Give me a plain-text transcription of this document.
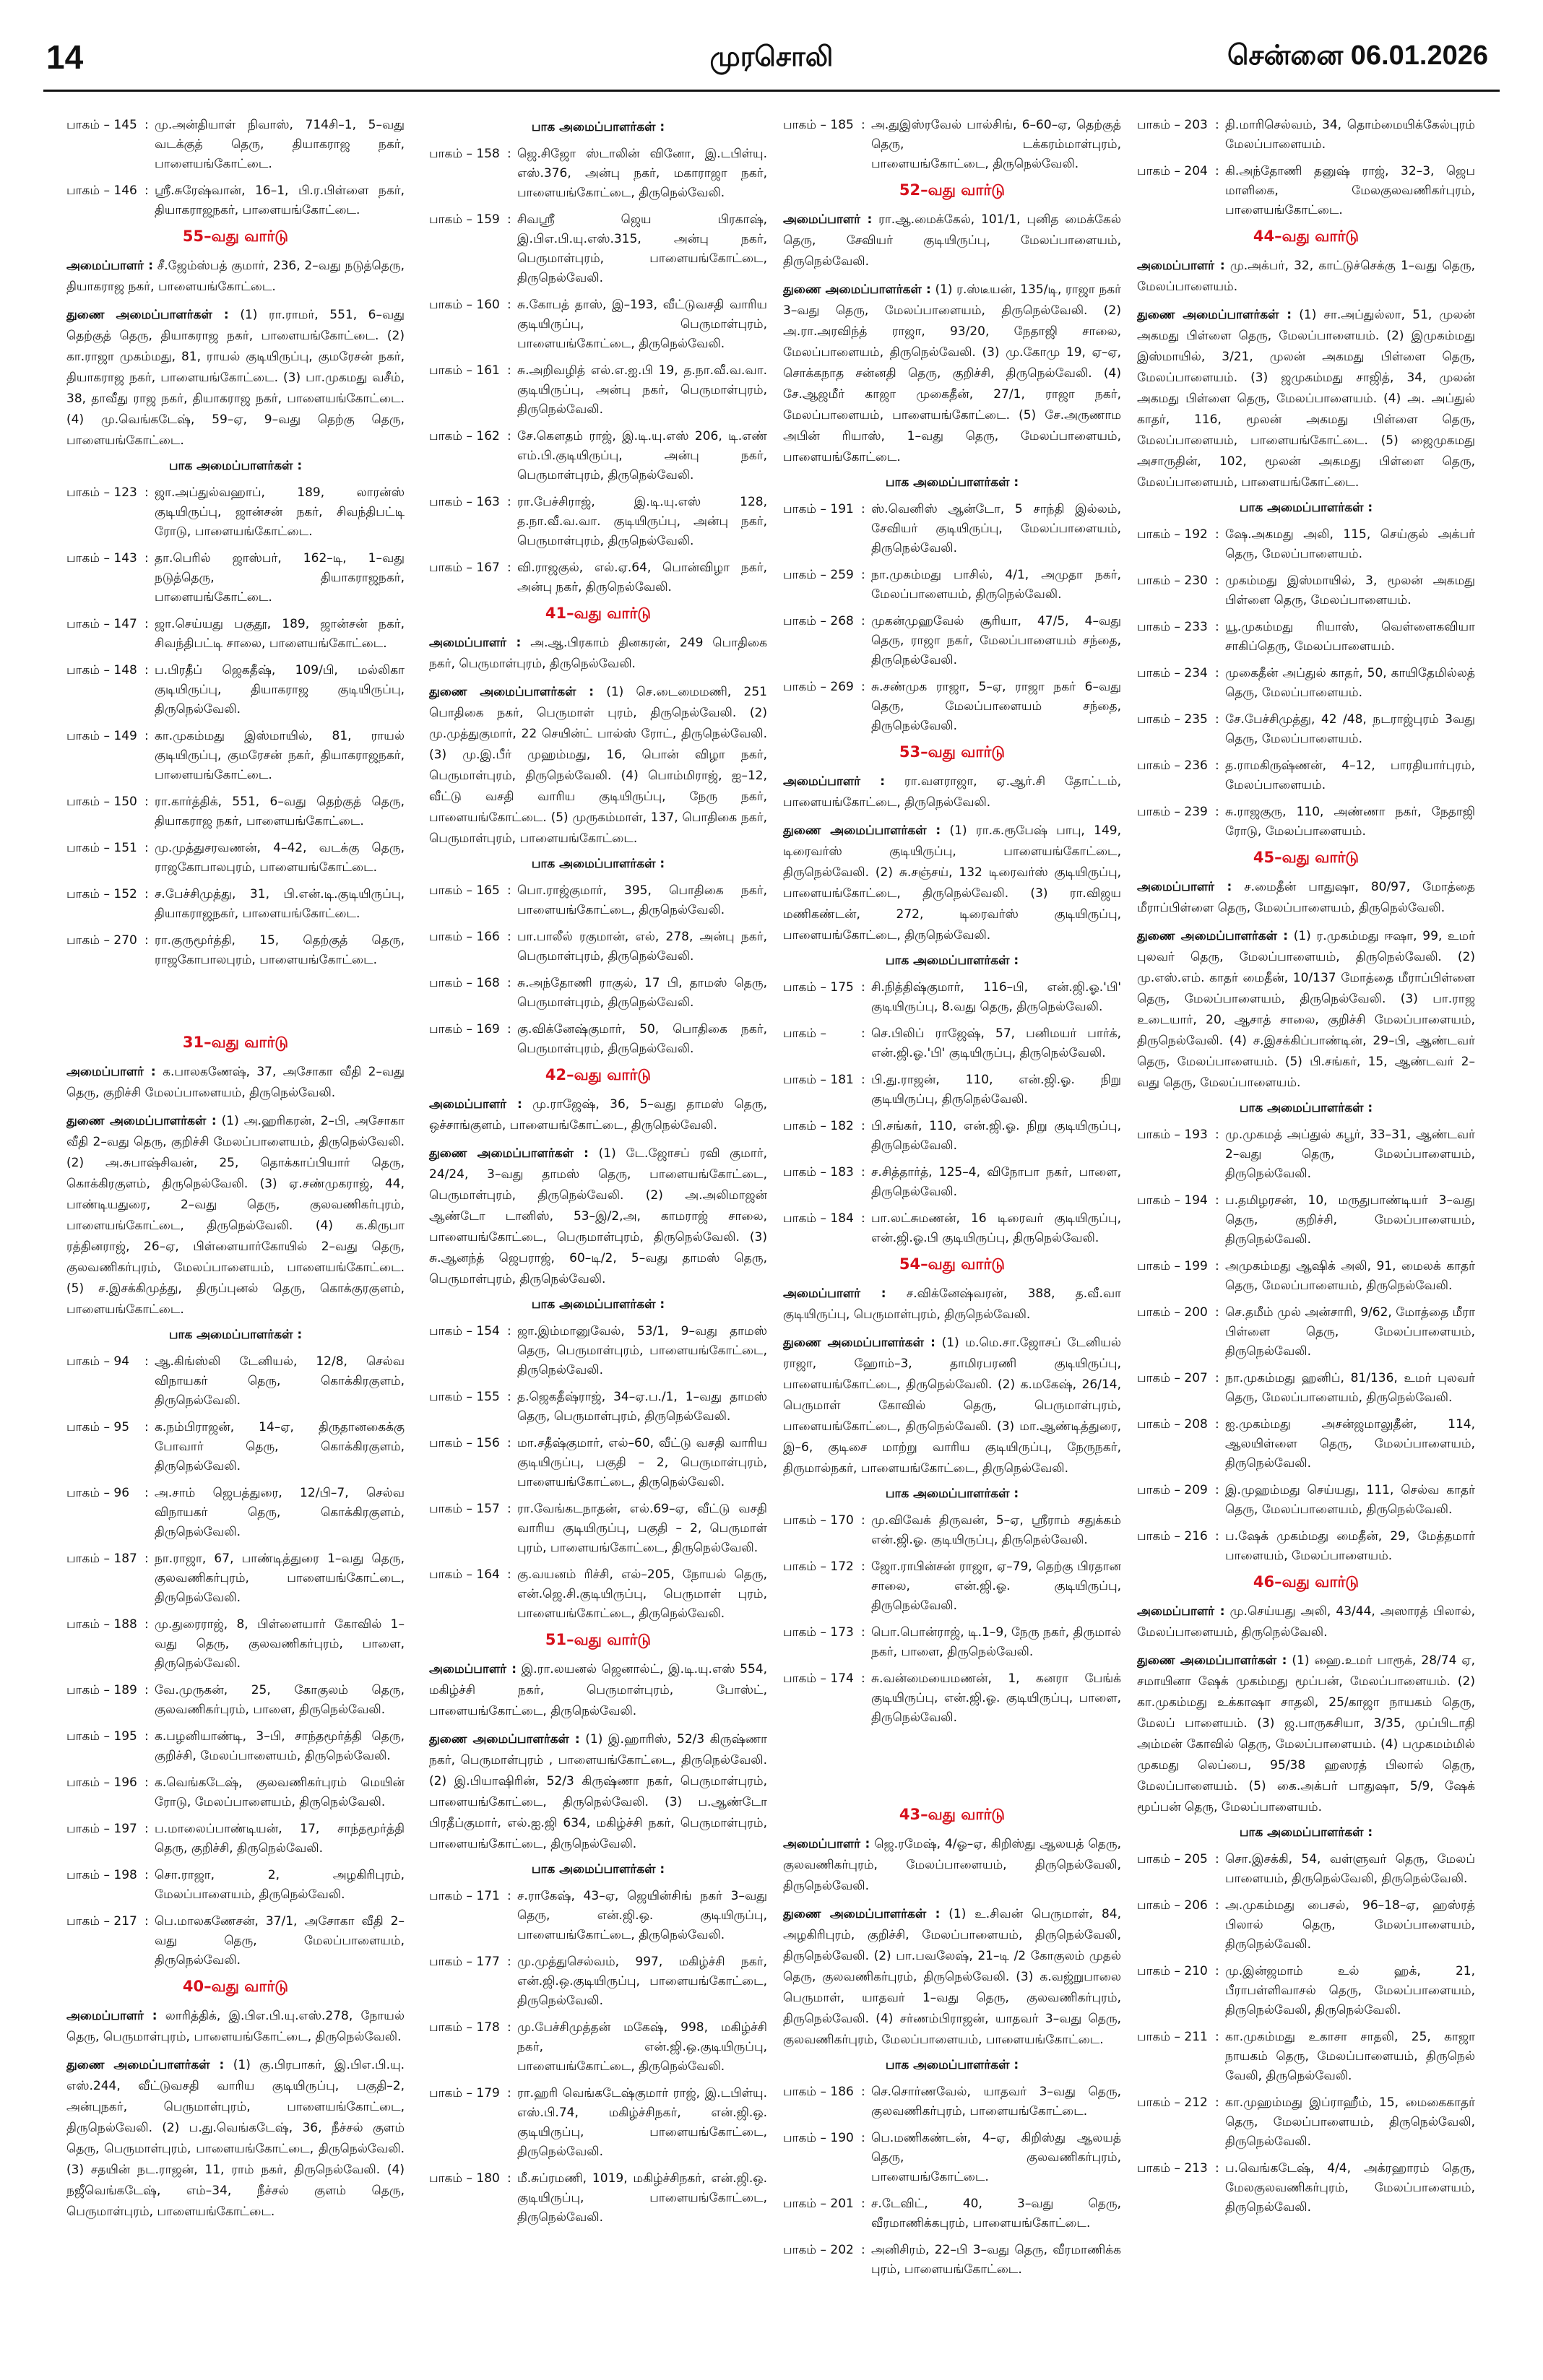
14	முரசொலி	சென்னை 06.01.2026
பாகம் – 145 : மு.அன்தியாள் நிவாஸ், 714சி–1, 5–வது வடக்குத் தெரு, தியாகராஜ நகர், பாளையங்கோட்டை.
பாகம் – 146 : ஸ்ரீ.சுரேஷ்வான், 16–1, பி.ர.பிள்ளை நகர், தியாகராஜநகர், பாளையங்கோட்டை.
55–வது வார்டு
அமைப்பாளர் : சீ.ஜேம்ஸ்பத் குமார், 236, 2–வது நடுத்தெரு, தியாகராஜ நகர், பாளையங்கோட்டை.
துணை அமைப்பாளர்கள் : (1) ரா.ராமர், 551, 6–வது தெற்குத் தெரு, தியாகராஜ நகர், பாளையங்கோட்டை. (2) கா.ராஜா முகம்மது, 81, ராயல் குடியிருப்பு, குமரேசன் நகர், தியாகராஜ நகர், பாளையங்கோட்டை. (3) பா.முகமது வசீம், 38, தாவீது ராஜ நகர், தியாகராஜ நகர், பாளையங்கோட்டை. (4) மு.வெங்கடேஷ், 59–ஏ, 9–வது தெற்கு தெரு, பாளையங்கோட்டை.
பாக அமைப்பாளர்கள் :
பாகம் – 123 : ஜா.அப்துல்வஹாப், 189, லாரன்ஸ் குடியிருப்பு, ஜான்சன் நகர், சிவந்திபட்டி ரோடு, பாளையங்கோட்டை.
பாகம் – 143 : தா.பெரில் ஜாஸ்பர், 162–டி, 1–வது நடுத்தெரு, தியாகராஜநகர், பாளையங்கோட்டை.
பாகம் – 147 : ஜா.செய்யது பகுதூ, 189, ஜான்சன் நகர், சிவந்திபட்டி சாலை, பாளையங்கோட்டை.
பாகம் – 148 : ப.பிரதீப் ஜெகதீஷ், 109/பி, மல்லிகா குடியிருப்பு, தியாகராஜ குடியிருப்பு, திருநெல்வேலி.
பாகம் – 149 : கா.முகம்மது இஸ்மாயில், 81, ராயல் குடியிருப்பு, குமரேசன் நகர், தியாகராஜநகர், பாளையங்கோட்டை.
பாகம் – 150 : ரா.கார்த்திக், 551, 6–வது தெற்குத் தெரு, தியாகராஜ நகர், பாளையங்கோட்டை.
பாகம் – 151 : மு.முத்துசரவணன், 4–42, வடக்கு தெரு, ராஜகோபாலபுரம், பாளையங்கோட்டை.
பாகம் – 152 : ச.பேச்சிமுத்து, 31, பி.என்.டி.குடியிருப்பு, தியாகராஜநகர், பாளையங்கோட்டை.
பாகம் – 270 : ரா.குருமூர்த்தி, 15, தெற்குத் தெரு, ராஜகோபாலபுரம், பாளையங்கோட்டை.
31–வது வார்டு
அமைப்பாளர் : க.பாலகணேஷ், 37, அசோகா வீதி 2–வது தெரு, குறிச்சி மேலப்பாளையம், திருநெல்வேலி.
துணை அமைப்பாளர்கள் : (1) அ.ஹரிகரன், 2–பி, அசோகா வீதி 2–வது தெரு, குறிச்சி மேலப்பாளையம், திருநெல்வேலி. (2) அ.சுபாஷ்சிவன், 25, தொக்காப்பியார் தெரு, கொக்கிரகுளம், திருநெல்வேலி. (3) ஏ.சண்முகராஜ், 44, பாண்டியதுரை, 2–வது தெரு, குலவணிகர்புரம், பாளையங்கோட்டை, திருநெல்வேலி. (4) க.கிருபா ரத்தினராஜ், 26–ஏ, பிள்ளையார்கோயில் 2–வது தெரு, குலவணிகர்புரம், மேலப்பாளையம், பாளையங்கோட்டை. (5) ச.இசக்கிமுத்து, திருப்புனல் தெரு, கொக்குரகுளம், பாளையங்கோட்டை.
பாக அமைப்பாளர்கள் :
பாகம் – 94	: ஆ.கிங்ஸ்லி டேனியல், 12/8, செல்வ விநாயகர் தெரு, கொக்கிரகுளம், திருநெல்வேலி.
பாகம் – 95	: க.நம்பிராஜன், 14–ஏ, திருதானகைக்கு போவார் தெரு, கொக்கிரகுளம், திருநெல்வேலி.
பாகம் – 96	: அ.சாம் ஜெபத்துரை, 12/பி–7, செல்வ விநாயகர் தெரு, கொக்கிரகுளம், திருநெல்வேலி.
பாகம் – 187 : நா.ராஜா, 67, பாண்டித்துரை 1–வது தெரு, குலவணிகர்புரம், பாளையங்கோட்டை, திருநெல்வேலி.
பாகம் – 188 : மு.துரைராஜ், 8, பிள்ளையார் கோவில் 1–வது தெரு, குலவணிகர்புரம், பாளை, திருநெல்வேலி.
பாகம் – 189 : வே.முருகன், 25, கோகுலம் தெரு, குலவணிகர்புரம், பாளை, திருநெல்வேலி.
பாகம் – 195 : க.பழனியாண்டி, 3–பி, சாந்தமூர்த்தி தெரு, குறிச்சி, மேலப்பாளையம், திருநெல்வேலி.
பாகம் – 196 : க.வெங்கடேஷ், குலவணிகர்புரம் மெயின் ரோடு, மேலப்பாளையம், திருநெல்வேலி.
பாகம் – 197 : ப.மாலைப்பாண்டியன், 17, சாந்தமூர்த்தி தெரு, குறிச்சி, திருநெல்வேலி.
பாகம் – 198 : சொ.ராஜா, 2, அழகிரிபுரம், மேலப்பாளையம், திருநெல்வேலி.
பாகம் – 217 : பெ.மாலகணேசன், 37/1, அசோகா வீதி 2–வது தெரு, மேலப்பாளையம், திருநெல்வேலி.
40–வது வார்டு
அமைப்பாளர் : லாரித்திக், இ.பிஎ.பி.யு.எஸ்.278, நோயல் தெரு, பெருமாள்புரம், பாளையங்கோட்டை, திருநெல்வேலி.
துணை அமைப்பாளர்கள் : (1) கு.பிரபாகர், இ.பிஎ.பி.யு. எஸ்.244, வீட்டுவசதி வாரிய குடியிருப்பு, பகுதி–2, அன்புநகர், பெருமாள்புரம், பாளையங்கோட்டை, திருநெல்வேலி. (2) ப.து.வெங்கடேஷ், 36, நீச்சல் குளம் தெரு, பெருமாள்புரம், பாளையங்கோட்டை, திருநெல்வேலி. (3) சதயின் நட.ராஜன், 11, ராம் நகர், திருநெல்வேலி. (4) நஜீவெங்கடேஷ், எம்–34, நீச்சல் குளம் தெரு, பெருமாள்புரம், பாளையங்கோட்டை.
பாக அமைப்பாளர்கள் :
பாகம் – 158 : ஜெ.சிஜோ ஸ்டாலின் வினோ, இ.டபிள்யு. எஸ்.376, அன்பு நகர், மகாராஜா நகர், பாளையங்கோட்டை, திருநெல்வேலி.
பாகம் – 159 : சிவஸ்ரீ ஜெய பிரகாஷ், இ.பிஎ.பி.யு.எஸ்.315, அன்பு நகர், பெருமாள்புரம், பாளையங்கோட்டை, திருநெல்வேலி.
பாகம் – 160 : சு.கோபத் தாஸ், இ–193, வீட்டுவசதி வாரிய குடியிருப்பு, பெருமாள்புரம், பாளையங்கோட்டை, திருநெல்வேலி.
பாகம் – 161 : சு.அறிவழித் எல்.எ.ஐ.பி 19, த.நா.வீ.வ.வா. குடியிருப்பு, அன்பு நகர், பெருமாள்புரம், திருநெல்வேலி.
பாகம் – 162 : சே.கௌதம் ராஜ், இ.டி.யு.எஸ் 206, டி.எண் எம்.பி.குடியிருப்பு, அன்பு நகர், பெருமாள்புரம், திருநெல்வேலி.
பாகம் – 163 : ரா.பேச்சிராஜ், இ.டி.யு.எஸ் 128, த.நா.வீ.வ.வா. குடியிருப்பு, அன்பு நகர், பெருமாள்புரம், திருநெல்வேலி.
பாகம் – 167 : வி.ராஜகுல், எல்.ஏ.64, பொன்விழா நகர், அன்பு நகர், திருநெல்வேலி.
41–வது வார்டு
அமைப்பாளர் : அ.ஆ.பிரகாம் தினகரன், 249 பொதிகை நகர், பெருமாள்புரம், திருநெல்வேலி.
துணை அமைப்பாளர்கள் : (1) செ.டைமைமணி, 251 பொதிகை நகர், பெருமாள் புரம், திருநெல்வேலி. (2) மு.முத்துகுமார், 22 செயின்ட் பால்ஸ் ரோட், திருநெல்வேலி. (3) மு.இ.பீர் முஹம்மது, 16, பொன் விழா நகர், பெருமாள்புரம், திருநெல்வேலி. (4) பொம்மிராஜ், ஐ–12, வீட்டு வசதி வாரிய குடியிருப்பு, நேரு நகர், பாளையங்கோட்டை. (5) முருகம்மாள், 137, பொதிகை நகர், பெருமாள்புரம், பாளையங்கோட்டை.
பாக அமைப்பாளர்கள் :
பாகம் – 165 : பொ.ராஜ்குமார், 395, பொதிகை நகர், பாளையங்கோட்டை, திருநெல்வேலி.
பாகம் – 166 : பா.பாலீல் ரகுமான், எல், 278, அன்பு நகர், பெருமாள்புரம், திருநெல்வேலி.
பாகம் – 168 : சு.அந்தோணி ராகுல், 17 பி, தாமஸ் தெரு, பெருமாள்புரம், திருநெல்வேலி.
பாகம் – 169 : கு.விக்னேஷ்குமார், 50, பொதிகை நகர், பெருமாள்புரம், திருநெல்வேலி.
42–வது வார்டு
அமைப்பாளர் : மு.ராஜேஷ், 36, 5–வது தாமஸ் தெரு, ஒச்சாங்குளம், பாளையங்கோட்டை, திருநெல்வேலி.
துணை அமைப்பாளர்கள் : (1) டே.ஜோசப் ரவி குமார், 24/24, 3–வது தாமஸ் தெரு, பாளையங்கோட்டை, பெருமாள்புரம், திருநெல்வேலி. (2) அ.அலிமாஜன் ஆண்டோ டானிஸ், 53–இ/2,அ, காமராஜ் சாலை, பாளையங்கோட்டை, பெருமாள்புரம், திருநெல்வேலி. (3) சு.ஆனந்த் ஜெபராஜ், 60–டி/2, 5–வது தாமஸ் தெரு, பெருமாள்புரம், திருநெல்வேலி.
பாக அமைப்பாளர்கள் :
பாகம் – 154 : ஜா.இம்மானுவேல், 53/1, 9–வது தாமஸ் தெரு, பெருமாள்புரம், பாளையங்கோட்டை, திருநெல்வேலி.
பாகம் – 155 : த.ஜெகதீஷ்ராஜ், 34–ஏ.ப./1, 1–வது தாமஸ் தெரு, பெருமாள்புரம், திருநெல்வேலி.
பாகம் – 156 : மா.சதீஷ்குமார், எல்–60, வீட்டு வசதி வாரிய குடியிருப்பு, பகுதி – 2, பெருமாள்புரம், பாளையங்கோட்டை, திருநெல்வேலி.
பாகம் – 157 : ரா.வேங்கடநாதன், எல்.69–ஏ, வீட்டு வசதி வாரிய குடியிருப்பு, பகுதி – 2, பெருமாள் புரம், பாளையங்கோட்டை, திருநெல்வேலி.
பாகம் – 164 : கு.வயனம் ரிச்சி, எல்–205, நோயல் தெரு, என்.ஜெ.சி.குடியிருப்பு, பெருமாள் புரம், பாளையங்கோட்டை, திருநெல்வேலி.
51–வது வார்டு
அமைப்பாளர் : இ.ரா.லயனல் ஜெனால்ட், இ.டி.யு.எஸ் 554, மகிழ்ச்சி நகர், பெருமாள்புரம், போஸ்ட், பாளையங்கோட்டை, திருநெல்வேலி.
துணை அமைப்பாளர்கள் : (1) இ.ஹாரிஸ், 52/3 கிருஷ்ணா நகர், பெருமாள்புரம் , பாளையங்கோட்டை, திருநெல்வேலி. (2) இ.பியாஷிரின், 52/3 கிருஷ்ணா நகர், பெருமாள்புரம், பாளையங்கோட்டை, திருநெல்வேலி. (3) ப.ஆண்டோ பிரதீப்குமார், எல்.ஐ.ஜி 634, மகிழ்ச்சி நகர், பெருமாள்புரம், பாளையங்கோட்டை, திருநெல்வேலி.
பாக அமைப்பாளர்கள் :
பாகம் – 171 : ச.ராகேஷ், 43–ஏ, ஜெயின்சிங் நகர் 3–வது தெரு, என்.ஜி.ஒ. குடியிருப்பு, பாளையங்கோட்டை, திருநெல்வேலி.
பாகம் – 177 : மு.முத்துசெல்வம், 997, மகிழ்ச்சி நகர், என்.ஜி.ஒ.குடியிருப்பு, பாளையங்கோட்டை, திருநெல்வேலி.
பாகம் – 178 : மு.பேச்சிமுத்தன் மகேஷ், 998, மகிழ்ச்சி நகர், என்.ஜி.ஒ.குடியிருப்பு, பாளையங்கோட்டை, திருநெல்வேலி.
பாகம் – 179 : ரா.ஹரி வெங்கடேஷ்குமார் ராஜ், இ.டபிள்யு. எஸ்.பி.74, மகிழ்ச்சிநகர், என்.ஜி.ஒ. குடியிருப்பு, பாளையங்கோட்டை, திருநெல்வேலி.
பாகம் – 180 : மீ.சுப்ரமணி, 1019, மகிழ்ச்சிநகர், என்.ஜி.ஒ. குடியிருப்பு, பாளையங்கோட்டை, திருநெல்வேலி.
பாகம் – 185 : அ.துஇஸ்ரவேல் பால்சிங், 6–60–ஏ, தெற்குத் தெரு, டக்கரம்மாள்புரம், பாளையங்கோட்டை, திருநெல்வேலி.
52–வது வார்டு
அமைப்பாளர் : ரா.ஆ.மைக்கேல், 101/1, புனித மைக்கேல் தெரு, சேவியர் குடியிருப்பு, மேலப்பாளையம், திருநெல்வேலி.
துணை அமைப்பாளர்கள் : (1) ர.ஸ்டீயன், 135/டி, ராஜா நகர் 3–வது தெரு, மேலப்பாளையம், திருநெல்வேலி. (2) அ.ரா.அரவிந்த் ராஜா, 93/20, நேதாஜி சாலை, மேலப்பாளையம், திருநெல்வேலி. (3) மு.கோமு 19, ஏ–ஏ, சொக்கநாத சன்னதி தெரு, குறிச்சி, திருநெல்வேலி. (4) சே.ஆஜமீர் காஜா முகைதீன், 27/1, ராஜா நகர், மேலப்பாளையம், பாளையங்கோட்டை. (5) சே.அருணாம அபின் ரியாஸ், 1–வது தெரு, மேலப்பாளையம், பாளையங்கோட்டை.
பாக அமைப்பாளர்கள் :
பாகம் – 191 : ஸ்.வெனிஸ் ஆன்டோ, 5 சாந்தி இல்லம், சேவியர் குடியிருப்பு, மேலப்பாளையம், திருநெல்வேலி.
பாகம் – 259 : நா.முகம்மது பாசில், 4/1, அமுதா நகர், மேலப்பாளையம், திருநெல்வேலி.
பாகம் – 268 : முகன்முஹவேல் சூரியா, 47/5, 4–வது தெரு, ராஜா நகர், மேலப்பாளையம் சந்தை, திருநெல்வேலி.
பாகம் – 269 : சு.சண்முக ராஜா, 5–ஏ, ராஜா நகர் 6–வது தெரு, மேலப்பாளையம் சந்தை, திருநெல்வேலி.
53–வது வார்டு
அமைப்பாளர் : ரா.வளராஜா, ஏ.ஆர்.சி தோட்டம், பாளையங்கோட்டை, திருநெல்வேலி.
துணை அமைப்பாளர்கள் : (1) ரா.க.ரூபேஷ் பாபு, 149, டிரைவர்ஸ் குடியிருப்பு, பாளையங்கோட்டை, திருநெல்வேலி. (2) சு.சஞ்சய், 132 டிரைவர்ஸ் குடியிருப்பு, பாளையங்கோட்டை, திருநெல்வேலி. (3) ரா.விஜய மணிகண்டன், 272, டிரைவர்ஸ் குடியிருப்பு, பாளையங்கோட்டை, திருநெல்வேலி.
பாக அமைப்பாளர்கள் :
பாகம் – 175 : சி.நித்திஷ்குமார், 116–பி, என்.ஜி.ஓ.'பி' குடியிருப்பு, 8.வது தெரு, திருநெல்வேலி.
பாகம் –	: செ.பிலிப் ராஜேஷ், 57, பனிமயர் பார்க், என்.ஜி.ஓ.'பி' குடியிருப்பு, திருநெல்வேலி.
பாகம் – 181 : பி.து.ராஜன், 110, என்.ஜி.ஓ. நிறு குடியிருப்பு, திருநெல்வேலி.
பாகம் – 182 : பி.சங்கர், 110, என்.ஜி.ஓ. நிறு குடியிருப்பு, திருநெல்வேலி.
பாகம் – 183 : ச.சித்தார்த், 125–4, விநோபா நகர், பாளை, திருநெல்வேலி.
பாகம் – 184 : பா.லட்சுமணன், 16 டிரைவர் குடியிருப்பு, என்.ஜி.ஓ.பி குடியிருப்பு, திருநெல்வேலி.
54–வது வார்டு
அமைப்பாளர் : ச.விக்னேஷ்வரன், 388, த.வீ.வா குடியிருப்பு, பெருமாள்புரம், திருநெல்வேலி.
துணை அமைப்பாளர்கள் : (1) ம.மெ.சா.ஜோசப் டேனியல் ராஜா, ஹோம்–3, தாமிரபரணி குடியிருப்பு, பாளையங்கோட்டை, திருநெல்வேலி. (2) க.மகேஷ், 26/14, பெருமாள் கோவில் தெரு, பெருமாள்புரம், பாளையங்கோட்டை, திருநெல்வேலி. (3) மா.ஆண்டித்துரை, இ–6, குடிசை மாற்று வாரிய குடியிருப்பு, நேருநகர், திருமால்நகர், பாளையங்கோட்டை, திருநெல்வேலி.
பாக அமைப்பாளர்கள் :
பாகம் – 170 : மு.விவேக் திருவன், 5–ஏ, ஸ்ரீராம் சதுக்கம் என்.ஜி.ஓ. குடியிருப்பு, திருநெல்வேலி.
பாகம் – 172 : ஜோ.ராபின்சன் ராஜா, ஏ–79, தெற்கு பிரதான சாலை, என்.ஜி.ஓ. குடியிருப்பு, திருநெல்வேலி.
பாகம் – 173 : பொ.பொன்ராஜ், டி.1–9, நேரு நகர், திருமால் நகர், பாளை, திருநெல்வேலி.
பாகம் – 174 : சு.வன்மையைமணன், 1, கனரா பேங்க் குடியிருப்பு, என்.ஜி.ஓ. குடியிருப்பு, பாளை, திருநெல்வேலி.
43–வது வார்டு
அமைப்பாளர் : ஜெ.ரமேஷ், 4/ஓ–ஏ, கிறிஸ்து ஆலயத் தெரு, குலவணிகர்புரம், மேலப்பாளையம், திருநெல்வேலி, திருநெல்வேலி.
துணை அமைப்பாளர்கள் : (1) உ.சிவன் பெருமாள், 84, அழகிரிபுரம், குறிச்சி, மேலப்பாளையம், திருநெல்வேலி, திருநெல்வேலி. (2) பா.பவலேஷ், 21–டி /2 கோகுலம் முதல் தெரு, குலவணிகர்புரம், திருநெல்வேலி. (3) க.வஜ்றுபாலை பெருமாள், யாதவர் 1–வது தெரு, குலவணிகர்புரம், திருநெல்வேலி. (4) சர்ணம்பிராஜன், யாதவர் 3–வது தெரு, குலவணிகர்புரம், மேலப்பாளையம், பாளையங்கோட்டை.
பாக அமைப்பாளர்கள் :
பாகம் – 186 : செ.சொர்ணவேல், யாதவர் 3–வது தெரு, குலவணிகர்புரம், பாளையங்கோட்டை.
பாகம் – 190 : பெ.மணிகண்டன், 4–ஏ, கிறிஸ்து ஆலயத் தெரு, குலவணிகர்புரம், பாளையங்கோட்டை.
பாகம் – 201 : ச.டேவிட், 40, 3–வது தெரு, வீரமாணிக்கபுரம், பாளையங்கோட்டை.
பாகம் – 202 : அனிசிரம், 22–பி 3–வது தெரு, வீரமாணிக்க புரம், பாளையங்கோட்டை.
பாகம் – 203 : தி.மாரிசெல்வம், 34, தொம்மையிக்கேல்புரம் மேலப்பாளையம்.
பாகம் – 204 : கி.அந்தோணி தனுஷ் ராஜ், 32–3, ஜெப மாளிகை, மேலகுலவணிகர்புரம், பாளையங்கோட்டை.
44–வது வார்டு
அமைப்பாளர் : மு.அக்பர், 32, காட்டுச்செக்கு 1–வது தெரு, மேலப்பாளையம்.
துணை அமைப்பாளர்கள் : (1) சா.அப்துல்லா, 51, முலன் அகமது பிள்ளை தெரு, மேலப்பாளையம். (2) இமுகம்மது இஸ்மாயில், 3/21, முலன் அகமது பிள்ளை தெரு, மேலப்பாளையம். (3) ஜமுகம்மது சாஜித், 34, முலன் அகமது பிள்ளை தெரு, மேலப்பாளையம். (4) அ. அப்துல் காதர், 116, மூலன் அகமது பிள்ளை தெரு, மேலப்பாளையம், பாளையங்கோட்டை. (5) ஜைமுகமது அசாருதின், 102, மூலன் அகமது பிள்ளை தெரு, மேலப்பாளையம், பாளையங்கோட்டை.
பாக அமைப்பாளர்கள் :
பாகம் – 192 : ஷே.அகமது அலி, 115, செய்குல் அக்பர் தெரு, மேலப்பாளையம்.
பாகம் – 230 : முகம்மது இஸ்மாயில், 3, மூலன் அகமது பிள்ளை தெரு, மேலப்பாளையம்.
பாகம் – 233 : யூ.முகம்மது ரியாஸ், வெள்ளைகவியா சாகிப்தெரு, மேலப்பாளையம்.
பாகம் – 234 : முகைதீன் அப்துல் காதர், 50, காயிதேமில்லத் தெரு, மேலப்பாளையம்.
பாகம் – 235 : சே.பேச்சிமுத்து, 42 /48, நடராஜ்புரம் 3வது தெரு, மேலப்பாளையம்.
பாகம் – 236 : த.ராமகிருஷ்ணன், 4–12, பாரதியார்புரம், மேலப்பாளையம்.
பாகம் – 239 : சு.ராஜகுரு, 110, அண்ணா நகர், நேதாஜி ரோடு, மேலப்பாளையம்.
45–வது வார்டு
அமைப்பாளர் : ச.மைதீன் பாதுஷா, 80/97, மோத்தை மீராப்பிள்ளை தெரு, மேலப்பாளையம், திருநெல்வேலி.
துணை அமைப்பாளர்கள் : (1) ர.முகம்மது ஈஷா, 99, உமர் புலவர் தெரு, மேலப்பாளையம், திருநெல்வேலி. (2) மு.எஸ்.எம். காதர் மைதீன், 10/137 மோத்தை மீராப்பிள்ளை தெரு, மேலப்பாளையம், திருநெல்வேலி. (3) பா.ராஜ உடையார், 20, ஆசாத் சாலை, குறிச்சி மேலப்பாளையம், திருநெல்வேலி. (4) ச.இசக்கிப்பாண்டின், 29–பி, ஆண்டவர் தெரு, மேலப்பாளையம். (5) பி.சங்கர், 15, ஆண்டவர் 2–வது தெரு, மேலப்பாளையம்.
பாக அமைப்பாளர்கள் :
பாகம் – 193 : மு.முகமத் அப்துல் கபூர், 33–31, ஆண்டவர் 2–வது தெரு, மேலப்பாளையம், திருநெல்வேலி.
பாகம் – 194 : ப.தமிழரசன், 10, மருதுபாண்டியர் 3–வது தெரு, குறிச்சி, மேலப்பாளையம், திருநெல்வேலி.
பாகம் – 199 : அமுகம்மது ஆஷிக் அலி, 91, மைலக் காதர் தெரு, மேலப்பாளையம், திருநெல்வேலி.
பாகம் – 200 : செ.தமீம் முல் அன்சாரி, 9/62, மோத்தை மீரா பிள்ளை தெரு, மேலப்பாளையம், திருநெல்வேலி.
பாகம் – 207 : நா.முகம்மது ஹனிப், 81/136, உமர் புலவர் தெரு, மேலப்பாளையம், திருநெல்வேலி.
பாகம் – 208 : ஐ.முகம்மது அசன்ஜமாலுதீன், 114, ஆலயிள்ளை தெரு, மேலப்பாளையம், திருநெல்வேலி.
பாகம் – 209 : இ.முஹம்மது செய்யது, 111, செல்வ காதர் தெரு, மேலப்பாளையம், திருநெல்வேலி.
பாகம் – 216 : ப.ஷேக் முகம்மது மைதீன், 29, மேத்தமார் பாளையம், மேலப்பாளையம்.
46–வது வார்டு
அமைப்பாளர் : மு.செய்யது அலி, 43/44, அஸாரத் பிலால், மேலப்பாளையம், திருநெல்வேலி.
துணை அமைப்பாளர்கள் : (1) ஹை.உமர் பாரூக், 28/74 ஏ, சமாயினா ஷேக் முகம்மது மூப்பன், மேலப்பாளையம். (2) கா.முகம்மது உக்காஷா சாதலி, 25/காஜா நாயகம் தெரு, மேலப் பாளையம். (3) ஜ.பாருகசியா, 3/35, முப்பிடாதி அம்மன் கோவில் தெரு, மேலப்பாளையம். (4) பமுகமம்மில் முகமது லெப்பை, 95/38 ஹஸரத் பிலால் தெரு, மேலப்பாளையம். (5) கை.அக்பர் பாதுஷா, 5/9, ஷேக் மூப்பன் தெரு, மேலப்பாளையம்.
பாக அமைப்பாளர்கள் :
பாகம் – 205 : சொ.இசக்கி, 54, வள்ளுவர் தெரு, மேலப் பாளையம், திருநெல்வேலி, திருநெல்வேலி.
பாகம் – 206 : அ.முகம்மது பைசல், 96–18–ஏ, ஹஸ்ரத் பிலால் தெரு, மேலப்பாளையம், திருநெல்வேலி.
பாகம் – 210 : மு.இன்ஜமாம் உல் ஹக், 21, பீராபள்ளிவாசல் தெரு, மேலப்பாளையம், திருநெல்வேலி, திருநெல்வேலி.
பாகம் – 211 : கா.முகம்மது உகாசா சாதலி, 25, காஜா நாயகம் தெரு, மேலப்பாளையம், திருநெல் வேலி, திருநெல்வேலி.
பாகம் – 212 : கா.முஹம்மது இப்ராஹீம், 15, மைகைகாதர் தெரு, மேலப்பாளையம், திருநெல்வேலி, திருநெல்வேலி.
பாகம் – 213 : ப.வெங்கடேஷ், 4/4, அக்ரஹாரம் தெரு, மேலகுலவணிகர்புரம், மேலப்பாளையம், திருநெல்வேலி.
